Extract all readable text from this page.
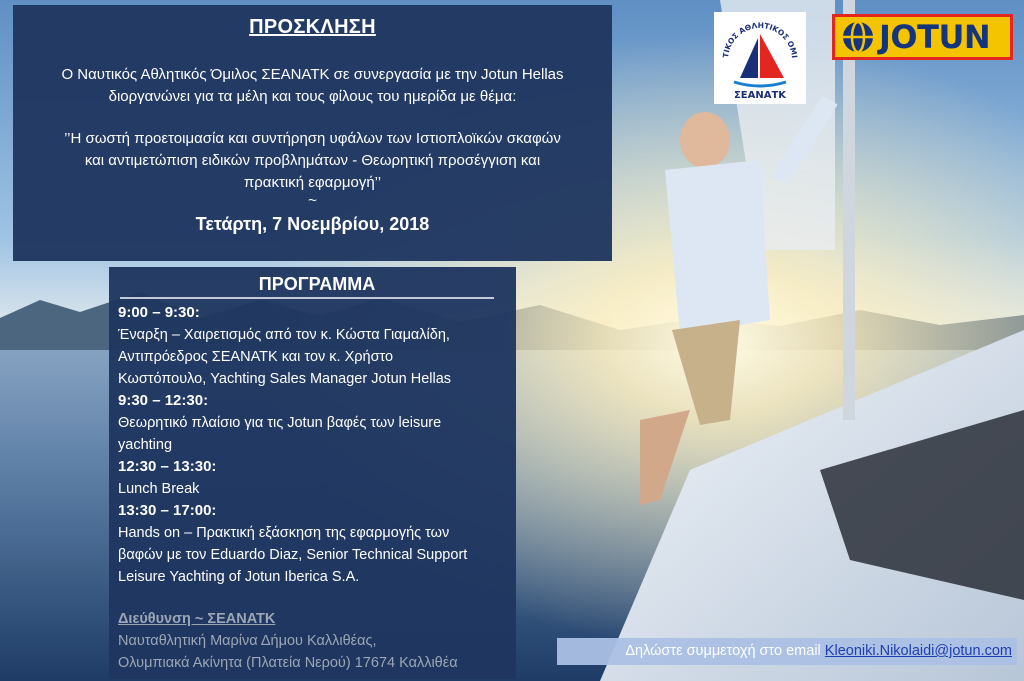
ΠΡΟΣΚΛΗΣΗ
Ο Ναυτικός Αθλητικός Όμιλος ΣΕΑΝΑΤΚ σε συνεργασία με την Jotun Hellas
διοργανώνει για τα μέλη και τους φίλους του ημερίδα με θέμα:
’’Η σωστή προετοιμασία και συντήρηση υφάλων των Ιστιοπλοϊκών σκαφών
και αντιμετώπιση ειδικών προβλημάτων - Θεωρητική προσέγγιση και
πρακτική εφαρμογή’’
~
Τετάρτη, 7 Νοεμβρίου, 2018
ΠΡΟΓΡΑΜΜΑ
9:00 – 9:30:
Έναρξη – Χαιρετισμός από τον κ. Κώστα Γιαμαλίδη,
Αντιπρόεδρος ΣΕΑΝΑΤΚ και τον κ. Χρήστο
Κωστόπουλο, Yachting Sales Manager Jotun Hellas
9:30 – 12:30:
Θεωρητικό πλαίσιο για τις Jotun βαφές των leisure
yachting
12:30 – 13:30:
Lunch Break
13:30 – 17:00:
Hands on – Πρακτική εξάσκηση της εφαρμογής των
βαφών με τον Eduardo Diaz, Senior Technical Support
Leisure Yachting of Jotun Iberica S.A.
Διεύθυνση ~ ΣΕΑΝΑΤΚ
Ναυταθλητική Μαρίνα Δήμου Καλλιθέας,
Ολυμπιακά Ακίνητα (Πλατεία Νερού) 17674 Καλλιθέα
Δηλώστε συμμετοχή στο email Kleoniki.Nikolaidi@jotun.com
ΤΙΚΟΣ ΑΘΛΗΤΙΚΟΣ ΟΜΙ
ΣΕΑΝΑΤΚ
JOTUN
